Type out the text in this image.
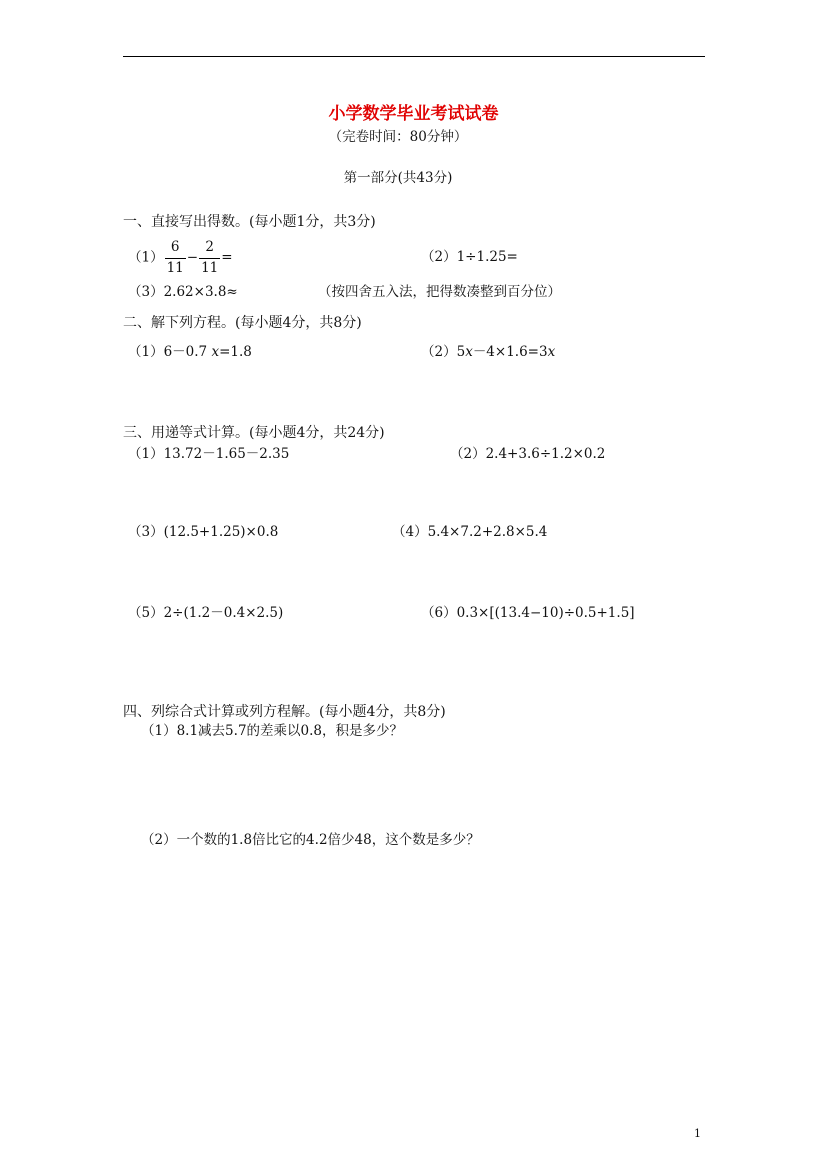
小学数学毕业考试试卷
（完卷时间：80分钟）
第一部分(共43分)
一、直接写出得数。(每小题1分，共3分)
$(1) \frac{6}{11} - \frac{2}{11}$ =	（2）1÷1.25=
（3）2.62×3.8≈	（按四舍五入法，把得数凑整到百分位）
二、解下列方程。(每小题4分，共8分)
（1）6－0.7 x=1.8	（2）5x－4×1.6=3x
三、用递等式计算。(每小题4分，共24分)
（1）13.72－1.65－2.35	（2）2.4+3.6÷1.2×0.2
（3）(12.5+1.25)×0.8	（4）5.4×7.2+2.8×5.4
（5）2÷(1.2－0.4×2.5)	（6）0.3×[(13.4−10)÷0.5+1.5]
四、列综合式计算或列方程解。(每小题4分，共8分)
（1）8.1减去5.7的差乘以0.8，积是多少？
（2）一个数的1.8倍比它的4.2倍少48，这个数是多少？
1
